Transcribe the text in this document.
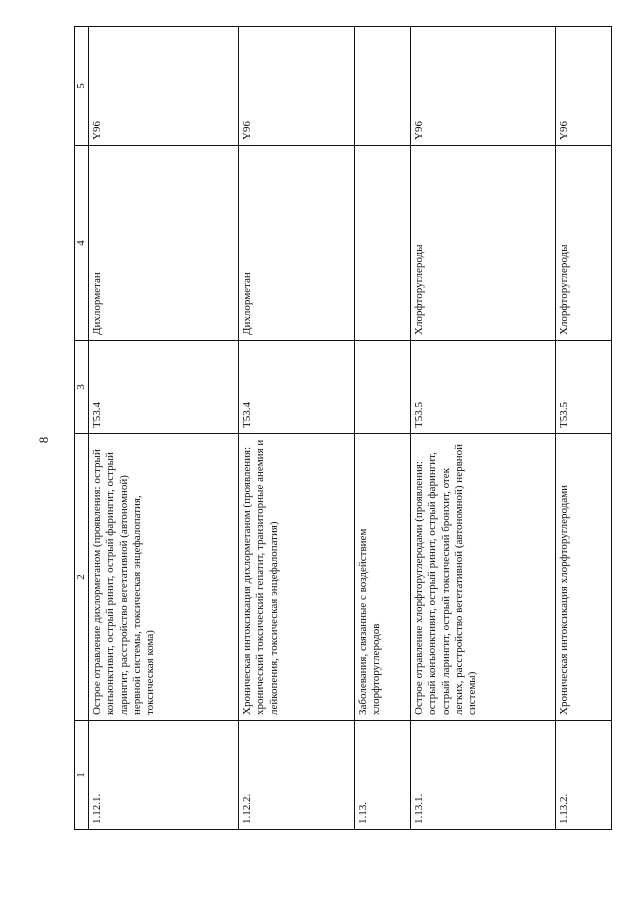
8
1	2	3	4	5
1.12.1.	Острое отравление дихлорметаном (проявления: острый конъюнктивит, острый ринит, острый фарингит, острый ларингит, расстройство вегетативной (автономной) нервной системы, токсическая энцефалопатия, токсическая кома)	T53.4	Дихлорметан	Y96
1.12.2.	Хроническая интоксикация дихлорметаном (проявления: хронический токсический гепатит, транзиторные анемия и лейкопения, токсическая энцефалопатия)	T53.4	Дихлорметан	Y96
1.13.	Заболевания, связанные с воздействием хлорфторуглеродов			
1.13.1.	Острое отравление хлорфторуглеродами (проявления: острый конъюнктивит, острый ринит, острый фарингит, острый ларингит, острый токсический бронхит, отек легких, расстройство вегетативной (автономной) нервной системы)	T53.5	Хлорфторуглероды	Y96
1.13.2.	Хроническая интоксикация хлорфторуглеродами	T53.5	Хлорфторуглероды	Y96
